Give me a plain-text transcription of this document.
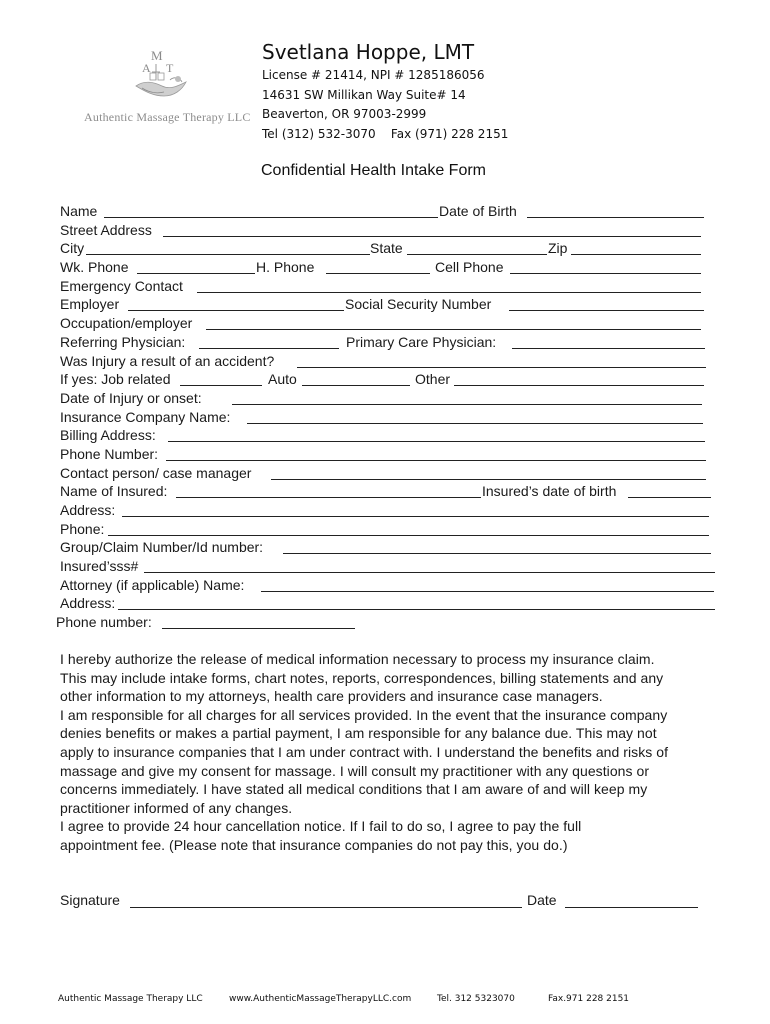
M
A T
Authentic Massage Therapy LLC
Svetlana Hoppe, LMT
License # 21414, NPI # 1285186056
14631 SW Millikan Way Suite# 14
Beaverton, OR 97003-2999
Tel (312) 532-3070    Fax (971) 228 2151
Confidential Health Intake Form
Name	Date of Birth
Street Address
City	State	Zip
Wk. Phone	H. Phone	Cell Phone
Emergency Contact
Employer	Social Security Number
Occupation/employer
Referring Physician:	Primary Care Physician:
Was Injury a result of an accident?
If yes: Job related	Auto	Other
Date of Injury or onset:
Insurance Company Name:
Billing Address:
Phone Number:
Contact person/ case manager
Name of Insured:	Insured’s date of birth
Address:
Phone:
Group/Claim Number/Id number:
Insured’sss#
Attorney (if applicable) Name:
Address:
Phone number:
I hereby authorize the release of medical information necessary to process my insurance claim.
This may include intake forms, chart notes, reports, correspondences, billing statements and any
other information to my attorneys, health care providers and insurance case managers.
I am responsible for all charges for all services provided. In the event that the insurance company
denies benefits or makes a partial payment, I am responsible for any balance due. This may not
apply to insurance companies that I am under contract with. I understand the benefits and risks of
massage and give my consent for massage. I will consult my practitioner with any questions or
concerns immediately. I have stated all medical conditions that I am aware of and will keep my
practitioner informed of any changes.
I agree to provide 24 hour cancellation notice. If I fail to do so, I agree to pay the full
appointment fee. (Please note that insurance companies do not pay this, you do.)
Signature	Date
Authentic Massage Therapy LLC	www.AuthenticMassageTherapyLLC.com	Tel. 312 5323070	Fax.971 228 2151
